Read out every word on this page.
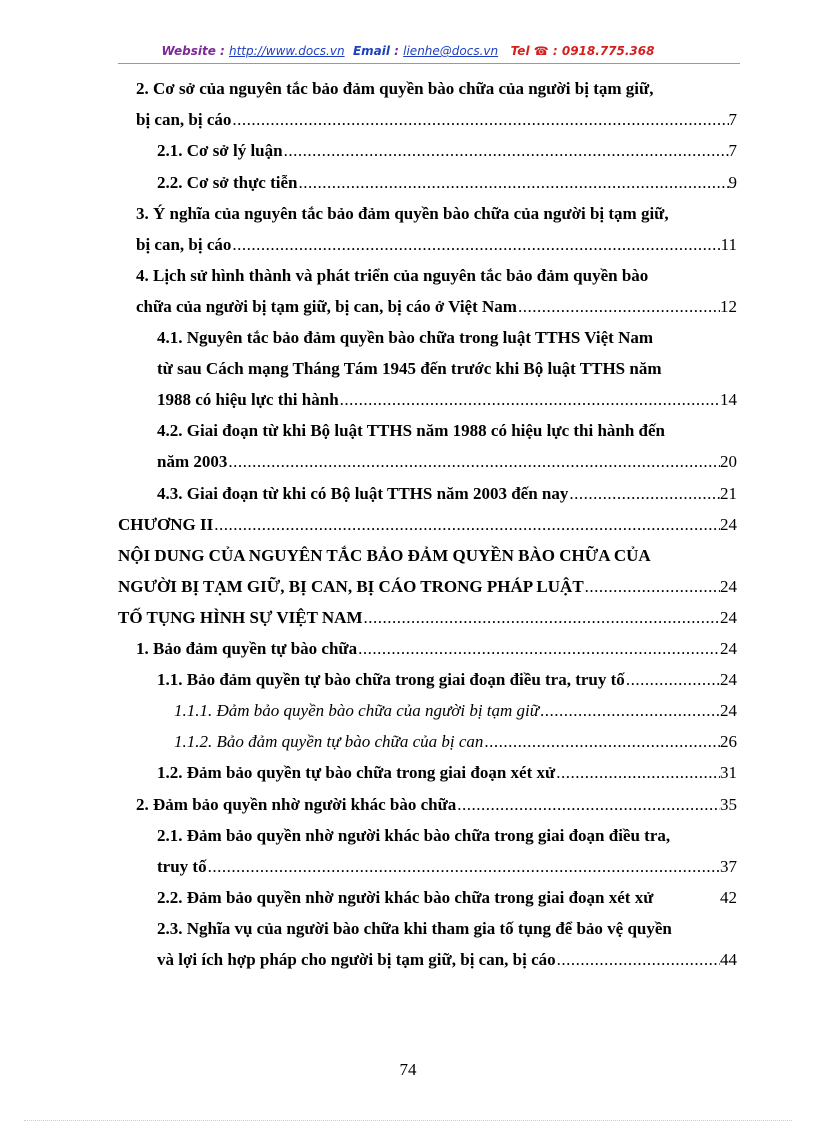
Website : http://www.docs.vn Email : lienhe@docs.vn Tel ☎ : 0918.775.368
2. Cơ sở của nguyên tắc bảo đảm quyền bào chữa của người bị tạm giữ,
bị can, bị cáo .....	7
2.1. Cơ sở lý luận .....	7
2.2. Cơ sở thực tiễn .....	9
3. Ý nghĩa của nguyên tắc bảo đảm quyền bào chữa của người bị tạm giữ,
bị can, bị cáo .....	11
4. Lịch sử hình thành và phát triển của nguyên tắc bảo đảm quyền bào
chữa của người bị tạm giữ, bị can, bị cáo ở Việt Nam .....	12
4.1. Nguyên tắc bảo đảm quyền bào chữa trong luật TTHS Việt Nam
từ sau Cách mạng Tháng Tám 1945 đến trước khi Bộ luật TTHS năm
1988 có hiệu lực thi hành .....	14
4.2. Giai đoạn từ khi Bộ luật TTHS năm 1988 có hiệu lực thi hành đến
năm 2003 .....	20
4.3. Giai đoạn từ khi có Bộ luật TTHS năm 2003 đến nay .....	21
CHƯƠNG II .....	24
NỘI DUNG CỦA NGUYÊN TẮC BẢO ĐẢM QUYỀN BÀO CHỮA CỦA
NGƯỜI BỊ TẠM GIỮ, BỊ CAN, BỊ CÁO TRONG PHÁP LUẬT .....	24
TỐ TỤNG HÌNH SỰ VIỆT NAM .....	24
1. Bảo đảm quyền tự bào chữa .....	24
1.1. Bảo đảm quyền tự bào chữa trong giai đoạn điều tra, truy tố .....	24
1.1.1. Đảm bảo quyền bào chữa của người bị tạm giữ .....	24
1.1.2. Bảo đảm quyền tự bào chữa của bị can .....	26
1.2. Đảm bảo quyền tự bào chữa trong giai đoạn xét xử .....	31
2. Đảm bảo quyền nhờ người khác bào chữa .....	35
2.1. Đảm bảo quyền nhờ người khác bào chữa trong giai đoạn điều tra,
truy tố .....	37
2.2. Đảm bảo quyền nhờ người khác bào chữa trong giai đoạn xét xử	42
2.3. Nghĩa vụ của người bào chữa khi tham gia tố tụng để bảo vệ quyền
và lợi ích hợp pháp cho người bị tạm giữ, bị can, bị cáo .....	44
74
